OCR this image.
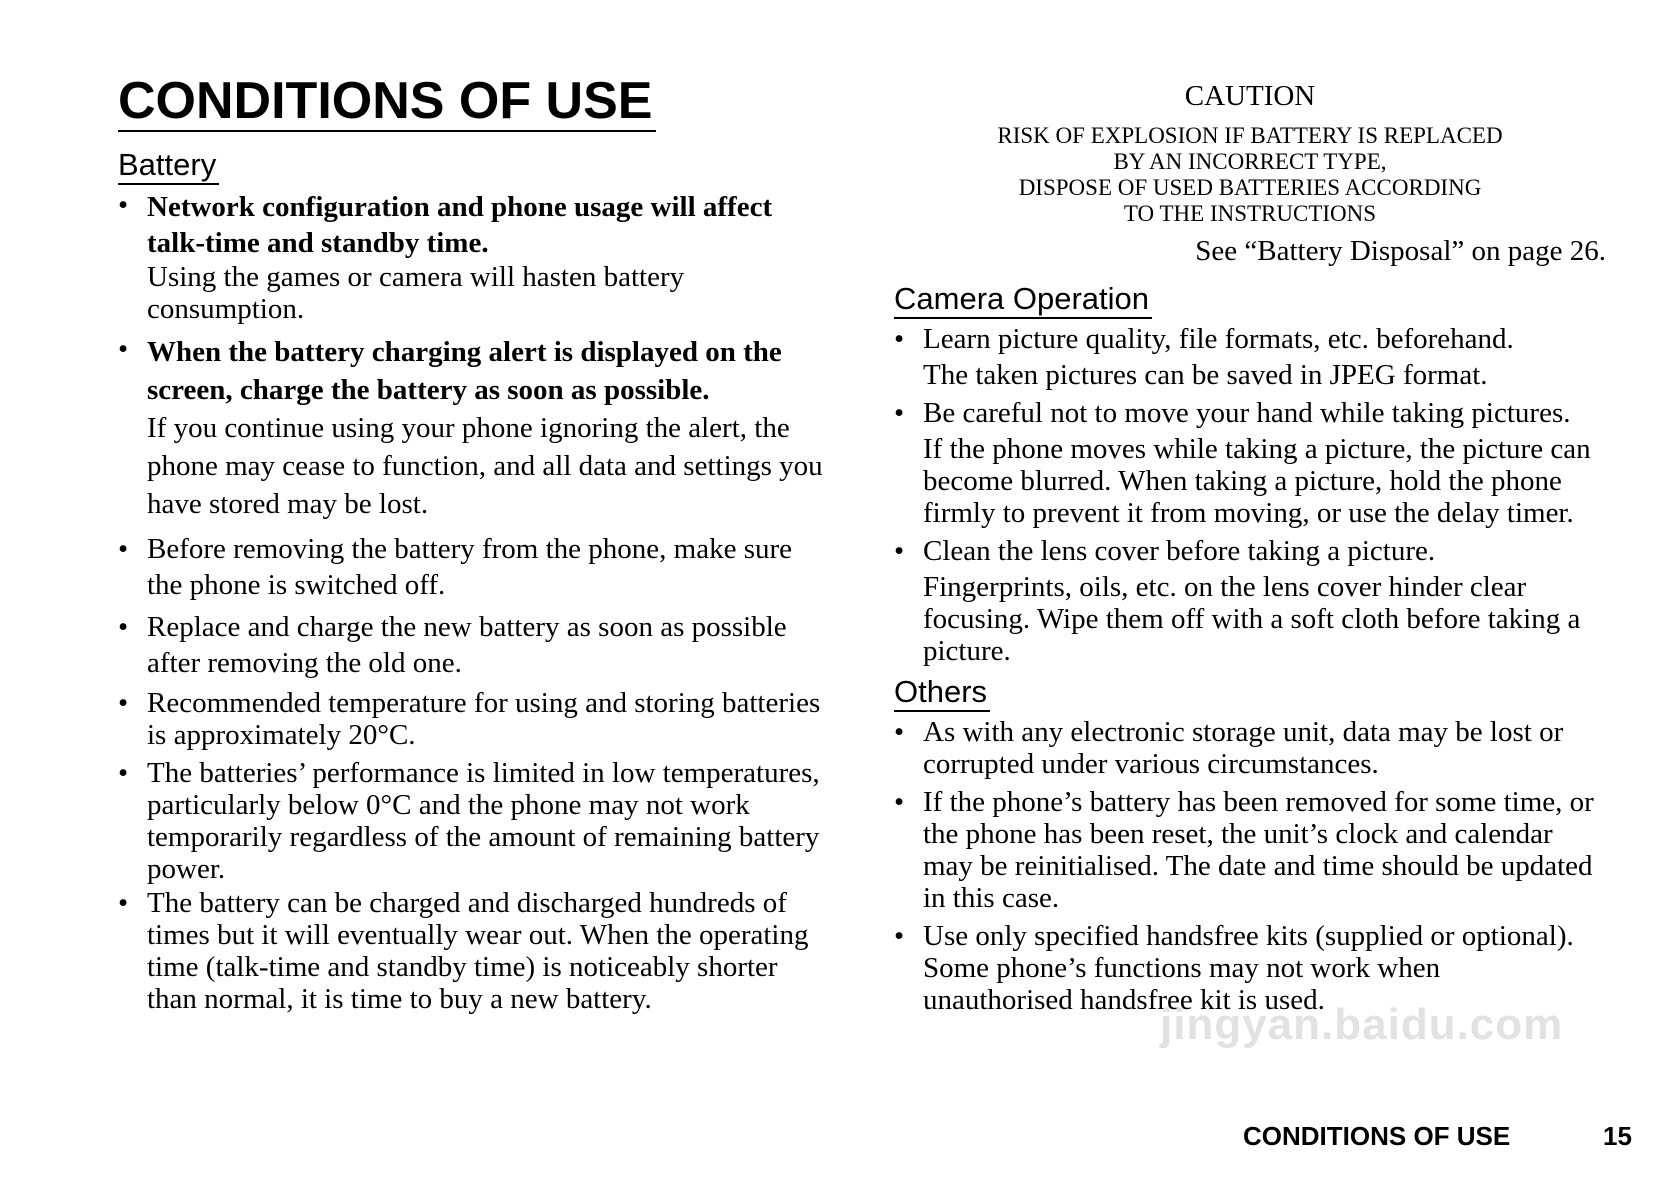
CONDITIONS OF USE
Battery
• Network configuration and phone usage will affect talk-time and standby time.
Using the games or camera will hasten battery consumption.
• When the battery charging alert is displayed on the screen, charge the battery as soon as possible.
If you continue using your phone ignoring the alert, the phone may cease to function, and all data and settings you have stored may be lost.
• Before removing the battery from the phone, make sure the phone is switched off.
• Replace and charge the new battery as soon as possible after removing the old one.
• Recommended temperature for using and storing batteries is approximately 20°C.
• The batteries’ performance is limited in low temperatures, particularly below 0°C and the phone may not work temporarily regardless of the amount of remaining battery power.
• The battery can be charged and discharged hundreds of times but it will eventually wear out. When the operating time (talk-time and standby time) is noticeably shorter than normal, it is time to buy a new battery.
CAUTION
RISK OF EXPLOSION IF BATTERY IS REPLACED
BY AN INCORRECT TYPE,
DISPOSE OF USED BATTERIES ACCORDING
TO THE INSTRUCTIONS
See “Battery Disposal” on page 26.
Camera Operation
• Learn picture quality, file formats, etc. beforehand.
The taken pictures can be saved in JPEG format.
• Be careful not to move your hand while taking pictures.
If the phone moves while taking a picture, the picture can become blurred. When taking a picture, hold the phone firmly to prevent it from moving, or use the delay timer.
• Clean the lens cover before taking a picture.
Fingerprints, oils, etc. on the lens cover hinder clear focusing. Wipe them off with a soft cloth before taking a picture.
Others
• As with any electronic storage unit, data may be lost or corrupted under various circumstances.
• If the phone’s battery has been removed for some time, or the phone has been reset, the unit’s clock and calendar may be reinitialised. The date and time should be updated in this case.
• Use only specified handsfree kits (supplied or optional). Some phone’s functions may not work when unauthorised handsfree kit is used.
jingyan.baidu.com
CONDITIONS OF USE	15
